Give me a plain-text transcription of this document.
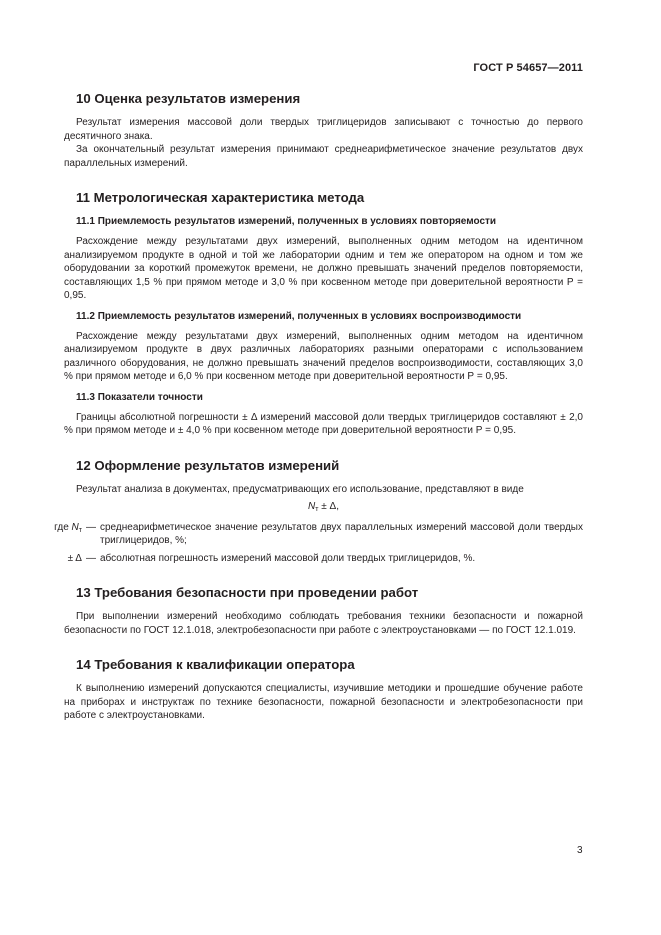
ГОСТ Р 54657—2011
10 Оценка результатов измерения

Результат измерения массовой доли твердых триглицеридов записывают с точностью до первого десятичного знака.

За окончательный результат измерения принимают среднеарифметическое значение результатов двух параллельных измерений.

11 Метрологическая характеристика метода
11.1 Приемлемость результатов измерений, полученных в условиях повторяемости

Расхождение между результатами двух измерений, выполненных одним методом на идентичном анализируемом продукте в одной и той же лаборатории одним и тем же оператором на одном и том же оборудовании за короткий промежуток времени, не должно превышать значений пределов повторяемости, составляющих 1,5 % при прямом методе и 3,0 % при косвенном методе при доверительной вероятности Р = 0,95.

11.2 Приемлемость результатов измерений, полученных в условиях воспроизводимости

Расхождение между результатами двух измерений, выполненных одним методом на идентичном анализируемом продукте в двух различных лабораториях разными операторами с использованием различного оборудования, не должно превышать значений пределов воспроизводимости, составляющих 3,0 % при прямом методе и 6,0 % при косвенном методе при доверительной вероятности Р = 0,95.

11.3 Показатели точности

Границы абсолютной погрешности ± Δ измерений массовой доли твердых триглицеридов составляют ± 2,0 % при прямом методе и ± 4,0 % при косвенном методе при доверительной вероятности Р = 0,95.

12 Оформление результатов измерений

Результат анализа в документах, предусматривающих его использование, представляют в виде

$N_т \pm \Delta$,
где $N_т$ — среднеарифметическое значение результатов двух параллельных измерений массовой доли твердых триглицеридов, %;
± Δ — абсолютная погрешность измерений массовой доли твердых триглицеридов, %.
13 Требования безопасности при проведении работ

При выполнении измерений необходимо соблюдать требования техники безопасности и пожарной безопасности по ГОСТ 12.1.018, электробезопасности при работе с электроустановками — по ГОСТ 12.1.019.

14 Требования к квалификации оператора

К выполнению измерений допускаются специалисты, изучившие методики и прошедшие обучение работе на приборах и инструктаж по технике безопасности, пожарной безопасности и электробезопасности при работе с электроустановками.

3
